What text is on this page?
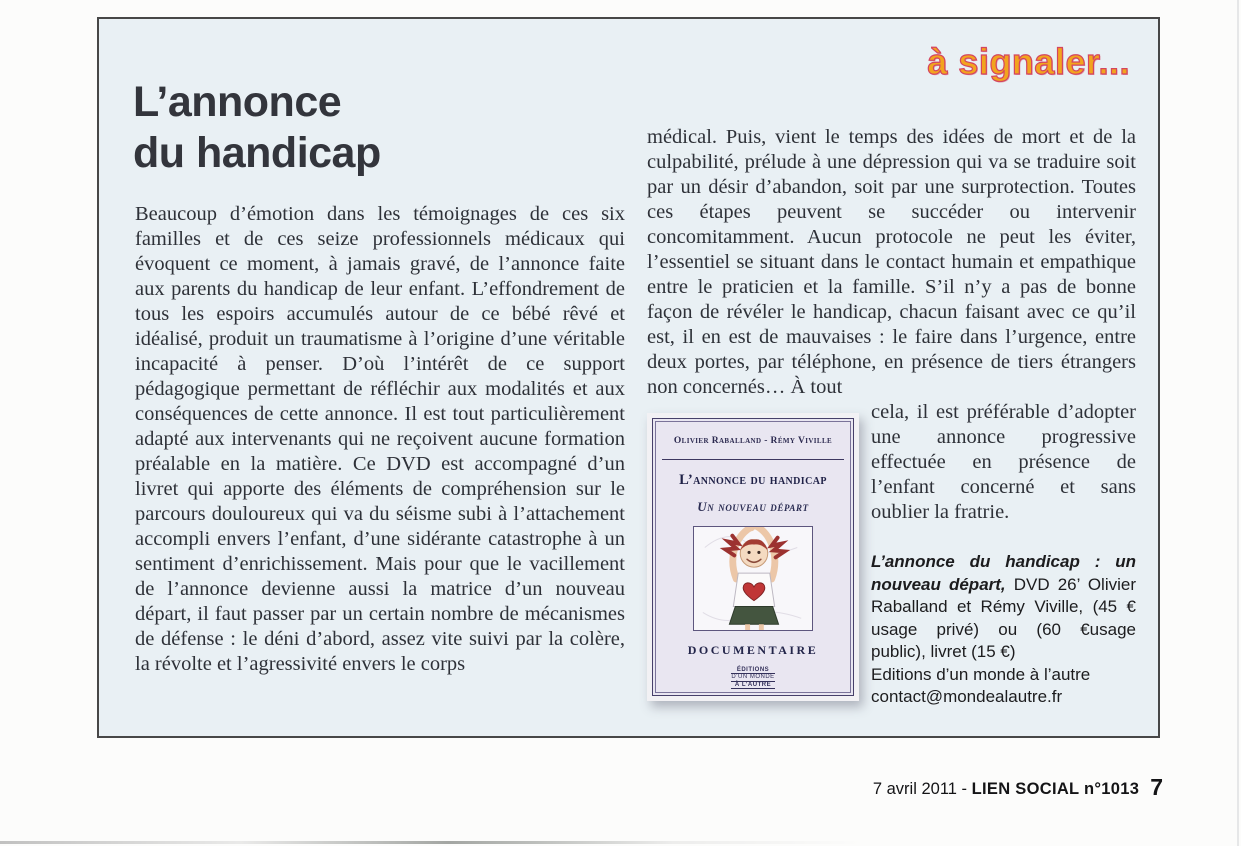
à signaler...
L’annonce
du handicap

Beaucoup d’émotion dans les témoignages de ces six familles et de ces seize professionnels médicaux qui évoquent ce moment, à jamais gravé, de l’annonce faite aux parents du handicap de leur enfant. L’effondrement de tous les espoirs accumulés autour de ce bébé rêvé et idéalisé, produit un traumatisme à l’origine d’une véritable incapacité à penser. D’où l’intérêt de ce support pédagogique permettant de réfléchir aux modalités et aux conséquences de cette annonce. Il est tout particulièrement adapté aux intervenants qui ne reçoivent aucune formation préalable en la matière. Ce DVD est accompagné d’un livret qui apporte des éléments de compréhension sur le parcours douloureux qui va du séisme subi à l’attachement accompli envers l’enfant, d’une sidérante catastrophe à un sentiment d’enrichissement. Mais pour que le vacillement de l’annonce devienne aussi la matrice d’un nouveau départ, il faut passer par un certain nombre de mécanismes de défense : le déni d’abord, assez vite suivi par la colère, la révolte et l’agressivité envers le corps

médical. Puis, vient le temps des idées de mort et de la culpabilité, prélude à une dépression qui va se traduire soit par un désir d’abandon, soit par une surprotection. Toutes ces étapes peuvent se succéder ou intervenir concomitamment. Aucun protocole ne peut les éviter, l’essentiel se situant dans le contact humain et empathique entre le praticien et la famille. S’il n’y a pas de bonne façon de révéler le handicap, chacun faisant avec ce qu’il est, il en est de mauvaises : le faire dans l’urgence, entre deux portes, par téléphone, en présence de tiers étrangers non concernés… À tout

Olivier Raballand - Rémy Viville
L’annonce du handicap
Un nouveau départ
DOCUMENTAIRE
ÉDITIONS
D’UN MONDE
À L’AUTRE

cela, il est préférable d’adopter une annonce progressive effectuée en présence de l’enfant concerné et sans oublier la fratrie.

L’annonce du handicap : un nouveau départ, DVD 26’ Olivier Raballand et Rémy Viville, (45 € usage privé) ou (60 €usage public), livret (15 €)

Editions d’un monde à l’autre

contact@mondealautre.fr

7 avril 2011 - LIEN SOCIAL n°1013 7
